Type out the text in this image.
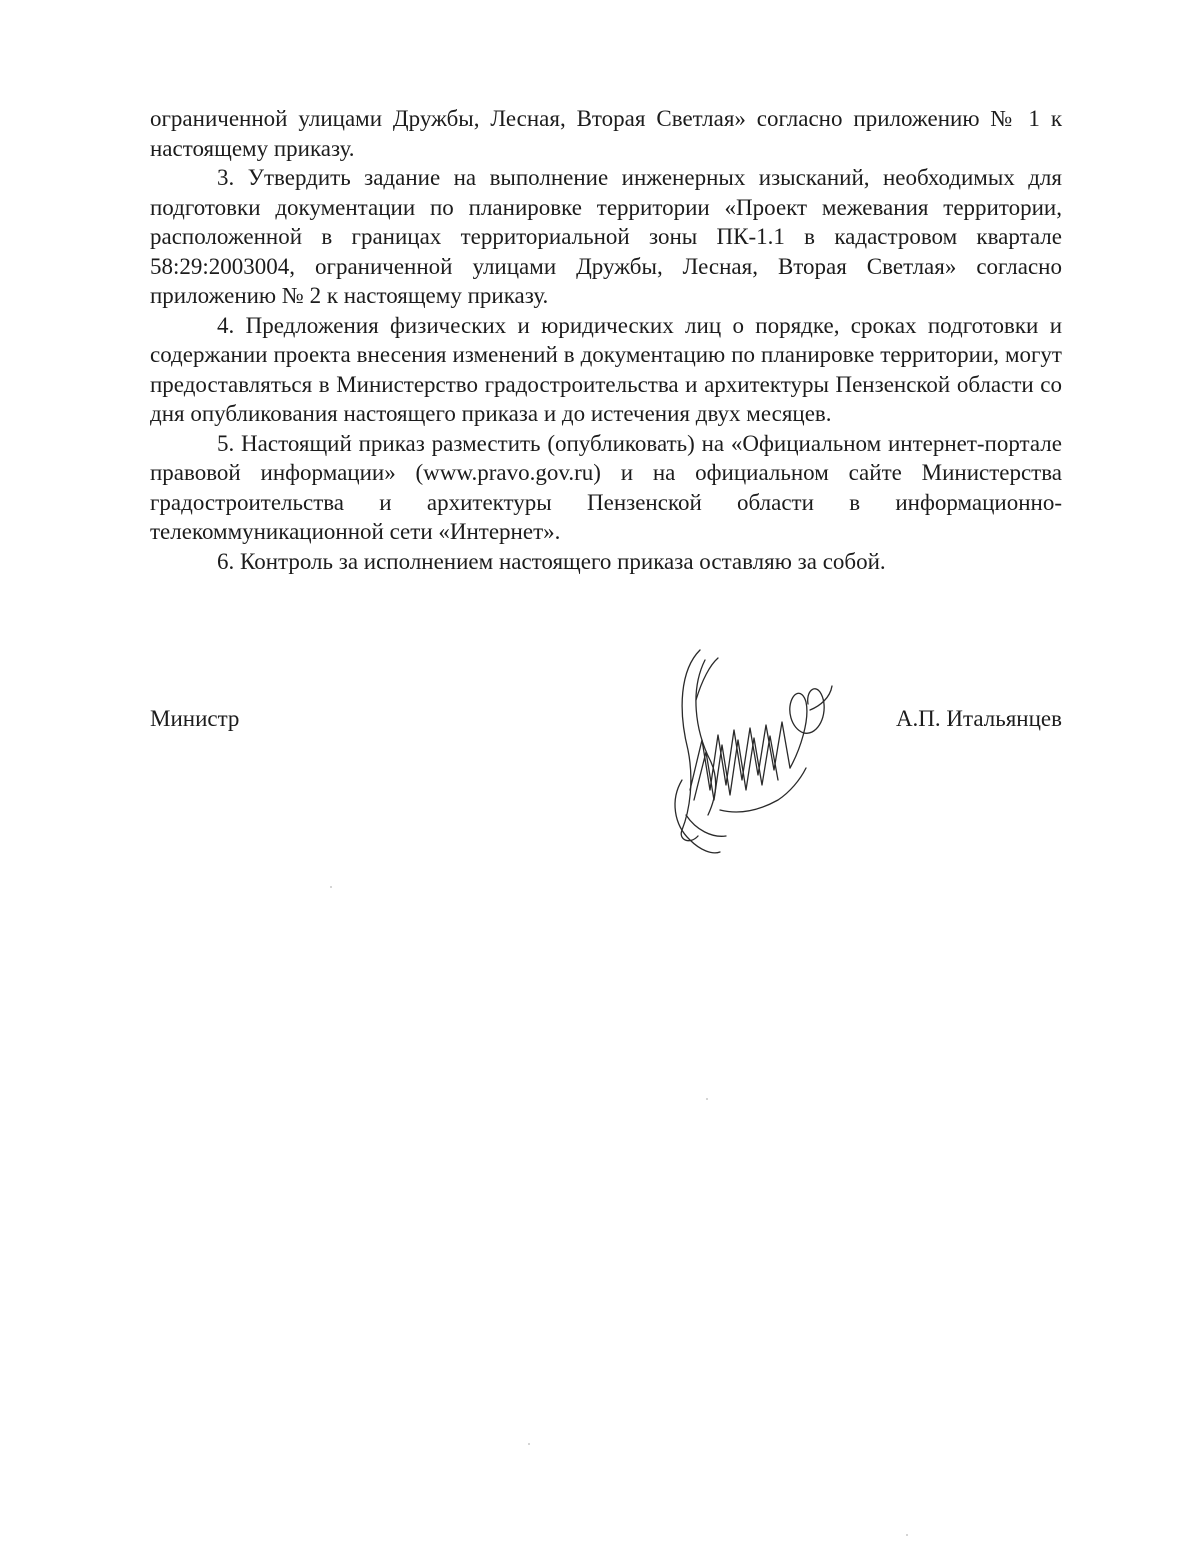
ограниченной улицами Дружбы, Лесная, Вторая Светлая» согласно приложению № 1 к настоящему приказу.

3. Утвердить задание на выполнение инженерных изысканий, необходимых для подготовки документации по планировке территории «Проект межевания территории, расположенной в границах территориальной зоны ПК-1.1 в кадастровом квартале 58:29:2003004, ограниченной улицами Дружбы, Лесная, Вторая Светлая» согласно приложению № 2 к настоящему приказу.

4. Предложения физических и юридических лиц о порядке, сроках подготовки и содержании проекта внесения изменений в документацию по планировке территории, могут предоставляться в Министерство градостроительства и архитектуры Пензенской области со дня опубликования настоящего приказа и до истечения двух месяцев.

5. Настоящий приказ разместить (опубликовать) на «Официальном интернет-портале правовой информации» (www.pravo.gov.ru) и на официальном сайте Министерства градостроительства и архитектуры Пензенской области в информационно-телекоммуникационной сети «Интернет».

6. Контроль за исполнением настоящего приказа оставляю за собой.

Министр	А.П. Итальянцев
